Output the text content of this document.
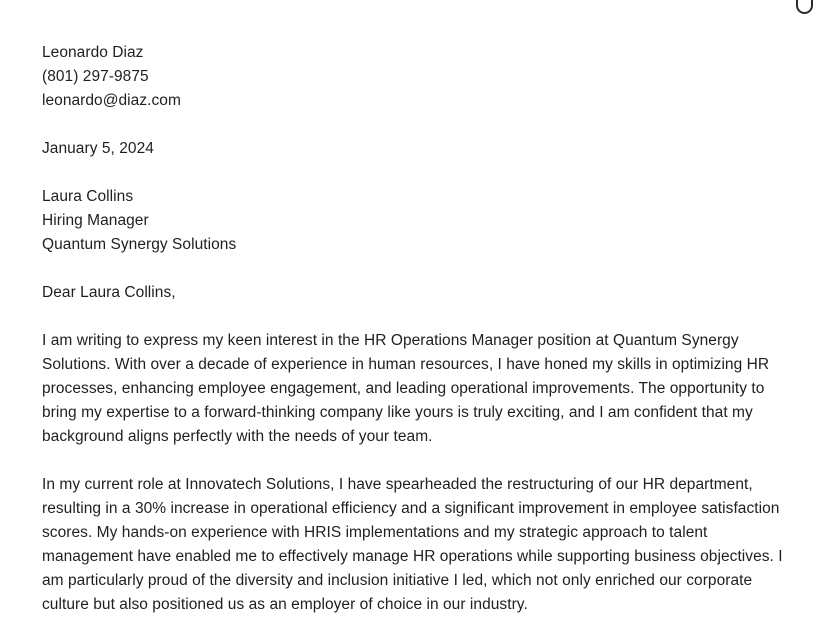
Leonardo Diaz
(801) 297-9875
leonardo@diaz.com
January 5, 2024
Laura Collins
Hiring Manager
Quantum Synergy Solutions
Dear Laura Collins,

I am writing to express my keen interest in the HR Operations Manager position at Quantum Synergy Solutions. With over a decade of experience in human resources, I have honed my skills in optimizing HR processes, enhancing employee engagement, and leading operational improvements. The opportunity to bring my expertise to a forward-thinking company like yours is truly exciting, and I am confident that my background aligns perfectly with the needs of your team.

In my current role at Innovatech Solutions, I have spearheaded the restructuring of our HR department, resulting in a 30% increase in operational efficiency and a significant improvement in employee satisfaction scores. My hands-on experience with HRIS implementations and my strategic approach to talent management have enabled me to effectively manage HR operations while supporting business objectives. I am particularly proud of the diversity and inclusion initiative I led, which not only enriched our corporate culture but also positioned us as an employer of choice in our industry.
